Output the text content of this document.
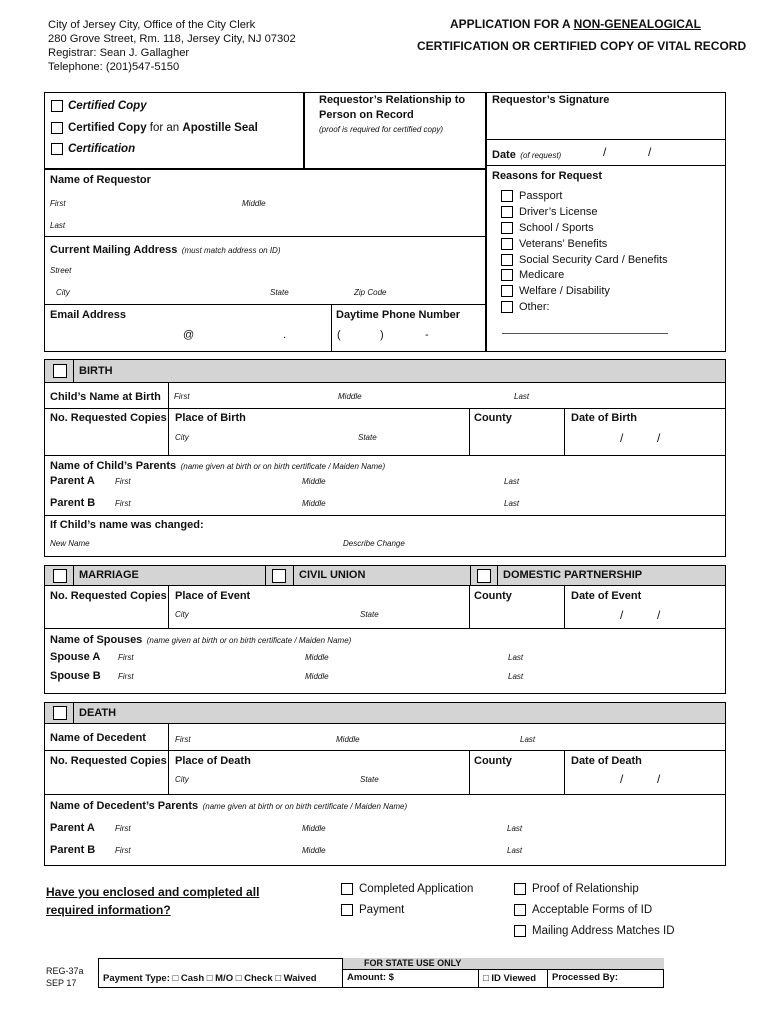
City of Jersey City, Office of the City Clerk
280 Grove Street, Rm. 118, Jersey City, NJ 07302
Registrar: Sean J. Gallagher
Telephone: (201)547-5150
APPLICATION FOR A NON-GENEALOGICAL
CERTIFICATION OR CERTIFIED COPY OF VITAL RECORD
Certified Copy
Certified Copy for an Apostille Seal
Certification
Requestor’s Relationship to
Person on Record
(proof is required for certified copy)
Requestor’s Signature
Date (of request)	/	/
Reasons for Request
Passport
Driver’s License
School / Sports
Veterans’ Benefits
Social Security Card / Benefits
Medicare
Welfare / Disability
Other:
Name of Requestor
First	Middle
Last
Current Mailing Address (must match address on ID)
Street
City	State	Zip Code
Email Address
@	.
Daytime Phone Number
(	)	-
BIRTH
Child’s Name at Birth First	Middle	Last
No. Requested Copies Place of Birth	County	Date of Birth
City	State	/	/
Name of Child’s Parents (name given at birth or on birth certificate / Maiden Name)
Parent A	First	Middle	Last
Parent B First	Middle	Last
If Child’s name was changed:
New Name	Describe Change
MARRIAGE	CIVIL UNION	DOMESTIC PARTNERSHIP
No. Requested Copies Place of Event	County	Date of Event
City	State	/	/
Name of Spouses (name given at birth or on birth certificate / Maiden Name)
Spouse A First	Middle	Last
Spouse B First	Middle	Last
DEATH
Name of Decedent	First	Middle	Last
No. Requested Copies Place of Death	County	Date of Death
City	State	/	/
Name of Decedent’s Parents (name given at birth or on birth certificate / Maiden Name)
Parent A	First	Middle	Last
Parent B First	Middle	Last
Have you enclosed and completed all
required information?
Completed Application
Payment
Proof of Relationship
Acceptable Forms of ID
Mailing Address Matches ID
REG-37a
SEP 17
FOR STATE USE ONLY
Payment Type: □ Cash □ M/O □ Check □ Waived	Amount: $	□ ID Viewed Processed By:
